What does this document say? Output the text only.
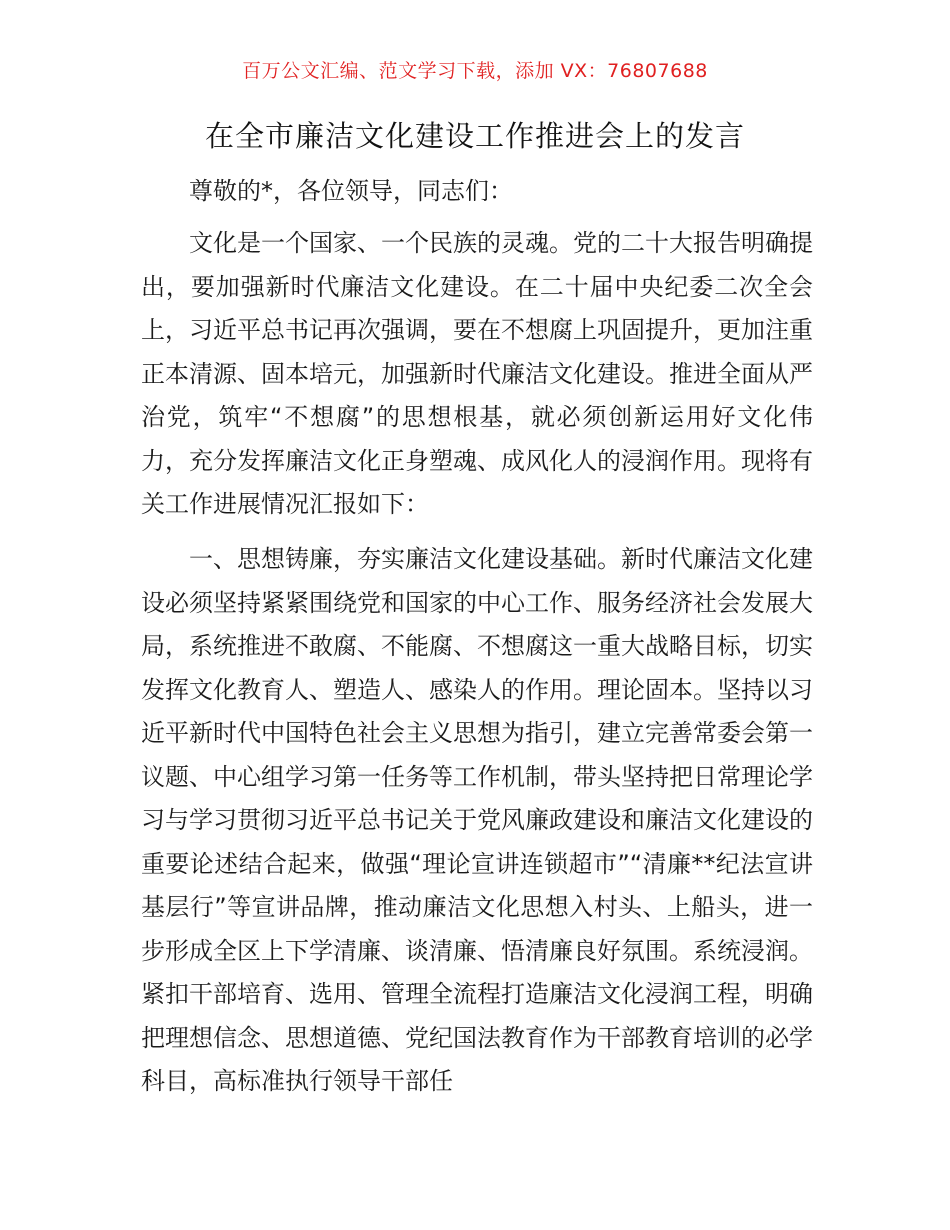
百万公文汇编、范文学习下载，添加 VX：76807688
在全市廉洁文化建设工作推进会上的发言
尊敬的*，各位领导，同志们：

文化是一个国家、一个民族的灵魂。党的二十大报告明确提出，要加强新时代廉洁文化建设。在二十届中央纪委二次全会上，习近平总书记再次强调，要在不想腐上巩固提升，更加注重正本清源、固本培元，加强新时代廉洁文化建设。推进全面从严治党，筑牢“不想腐”的思想根基，就必须创新运用好文化伟力，充分发挥廉洁文化正身塑魂、成风化人的浸润作用。现将有关工作进展情况汇报如下：

一、思想铸廉，夯实廉洁文化建设基础。新时代廉洁文化建设必须坚持紧紧围绕党和国家的中心工作、服务经济社会发展大局，系统推进不敢腐、不能腐、不想腐这一重大战略目标，切实发挥文化教育人、塑造人、感染人的作用。理论固本。坚持以习近平新时代中国特色社会主义思想为指引，建立完善常委会第一议题、中心组学习第一任务等工作机制，带头坚持把日常理论学习与学习贯彻习近平总书记关于党风廉政建设和廉洁文化建设的重要论述结合起来，做强“理论宣讲连锁超市”“清廉**纪法宣讲基层行”等宣讲品牌，推动廉洁文化思想入村头、上船头，进一步形成全区上下学清廉、谈清廉、悟清廉良好氛围。系统浸润。紧扣干部培育、选用、管理全流程打造廉洁文化浸润工程，明确把理想信念、思想道德、党纪国法教育作为干部教育培训的必学科目，高标准执行领导干部任
